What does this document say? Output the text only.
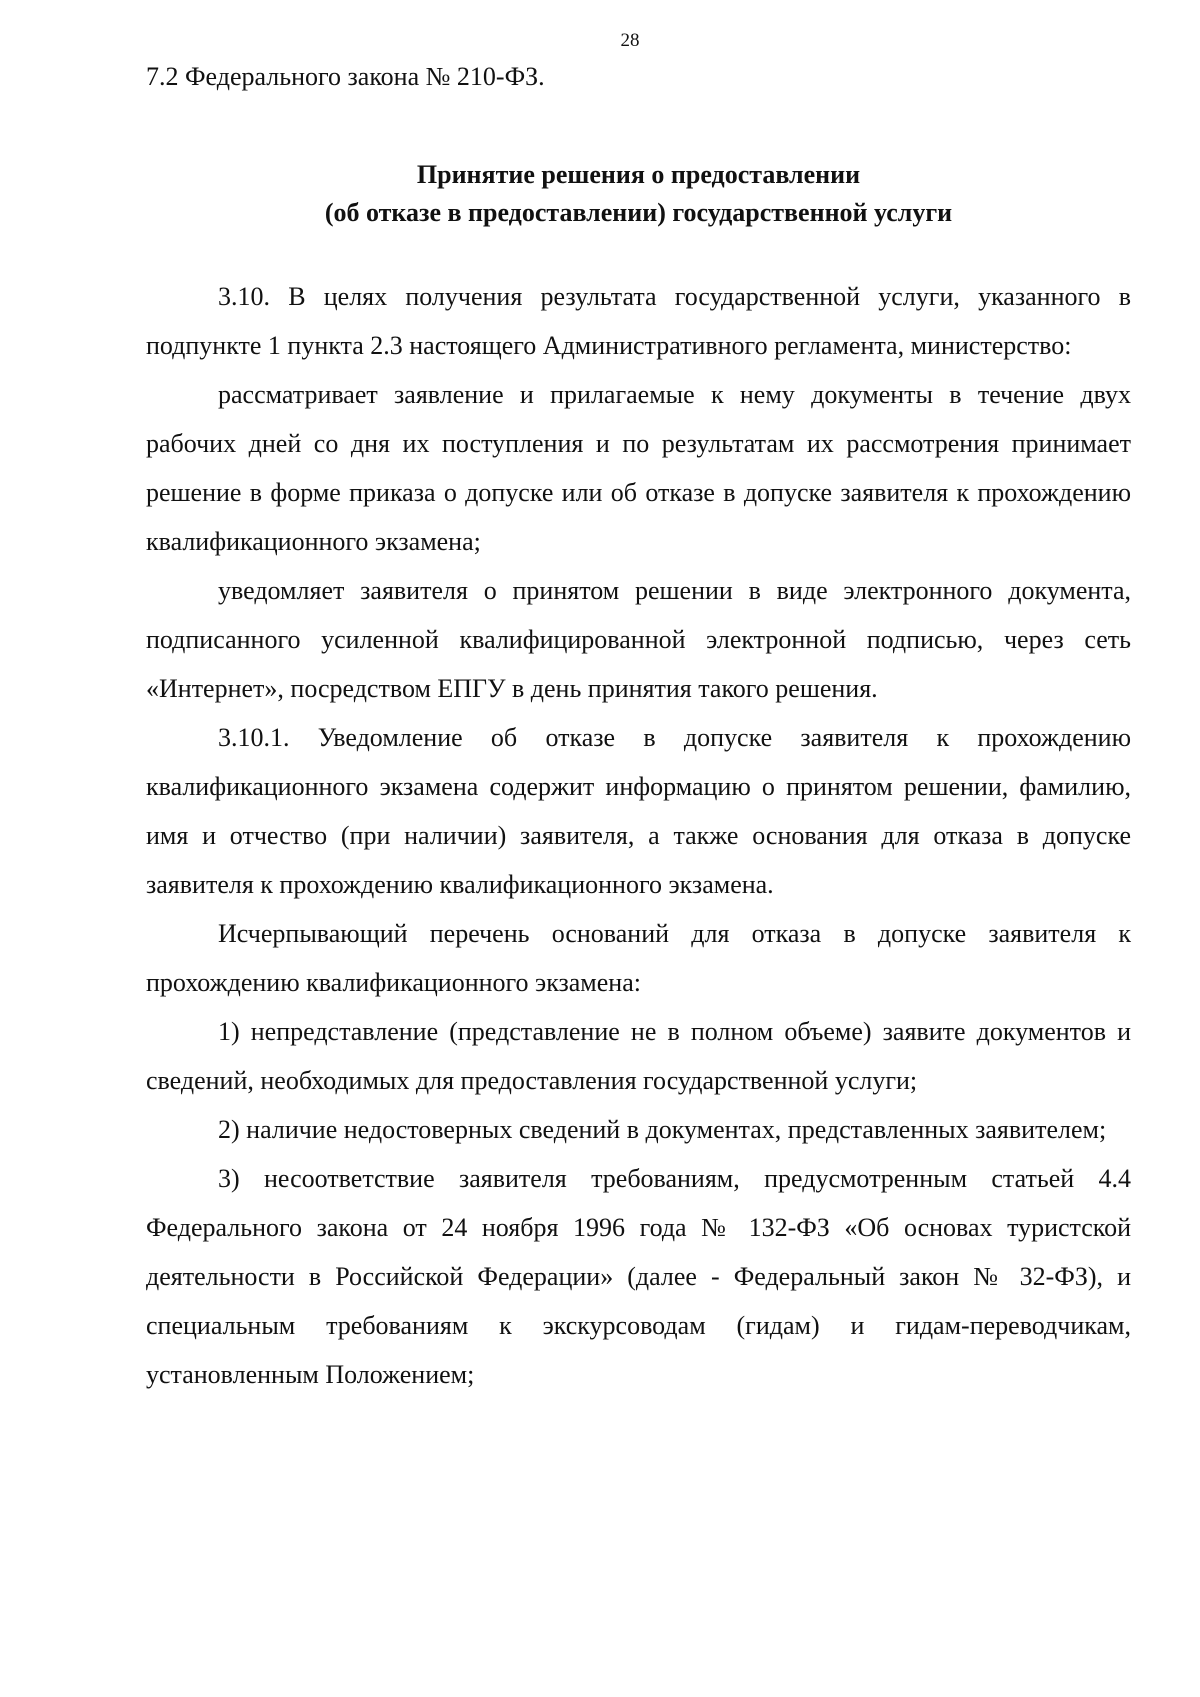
28

7.2 Федерального закона № 210-ФЗ.

Принятие решения о предоставлении
(об отказе в предоставлении) государственной услуги

3.10. В целях получения результата государственной услуги, указанного в подпункте 1 пункта 2.3 настоящего Административного регламента, министерство:

рассматривает заявление и прилагаемые к нему документы в течение двух рабочих дней со дня их поступления и по результатам их рассмотрения принимает решение в форме приказа о допуске или об отказе в допуске заявителя к прохождению квалификационного экзамена;

уведомляет заявителя о принятом решении в виде электронного документа, подписанного усиленной квалифицированной электронной подписью, через сеть «Интернет», посредством ЕПГУ в день принятия такого решения.

3.10.1. Уведомление об отказе в допуске заявителя к прохождению квалификационного экзамена содержит информацию о принятом решении, фамилию, имя и отчество (при наличии) заявителя, а также основания для отказа в допуске заявителя к прохождению квалификационного экзамена.

Исчерпывающий перечень оснований для отказа в допуске заявителя к прохождению квалификационного экзамена:

1) непредставление (представление не в полном объеме) заявите документов и сведений, необходимых для предоставления государственной услуги;

2) наличие недостоверных сведений в документах, представленных заявителем;

3) несоответствие заявителя требованиям, предусмотренным статьей 4.4 Федерального закона от 24 ноября 1996 года № 132-ФЗ «Об основах туристской деятельности в Российской Федерации» (далее - Федеральный закон № 32-ФЗ), и специальным требованиям к экскурсоводам (гидам) и гидам-переводчикам, установленным Положением;
